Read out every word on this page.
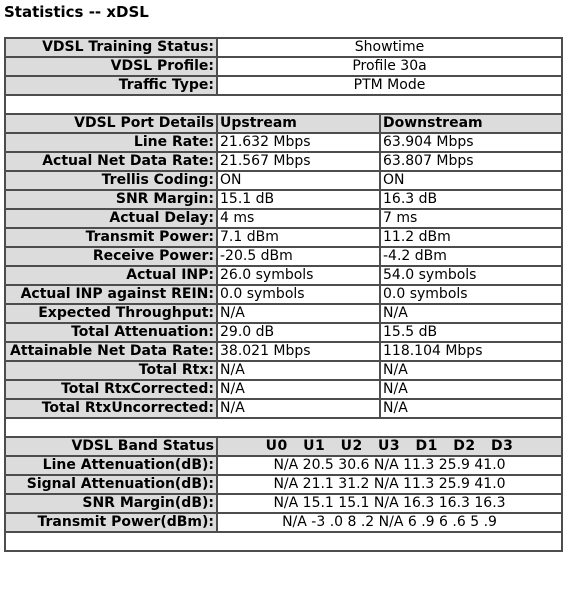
Statistics -- xDSL
VDSL Training Status:	Showtime	
VDSL Profile:	Profile 30a	
Traffic Type:	PTM Mode	

VDSL Port Details	Upstream	Downstream
Line Rate:	21.632 Mbps	63.904 Mbps
Actual Net Data Rate:	21.567 Mbps	63.807 Mbps
Trellis Coding:	ON	ON
SNR Margin:	15.1 dB	16.3 dB
Actual Delay:	4 ms	7 ms
Transmit Power:	7.1 dBm	11.2 dBm
Receive Power:	-20.5 dBm	-4.2 dBm
Actual INP:	26.0 symbols	54.0 symbols
Actual INP against REIN:	0.0 symbols	0.0 symbols
Expected Throughput:	N/A	N/A
Total Attenuation:	29.0 dB	15.5 dB
Attainable Net Data Rate:	38.021 Mbps	118.104 Mbps
Total Rtx:	N/A	N/A
Total RtxCorrected:	N/A	N/A
Total RtxUncorrected:	N/A	N/A

VDSL Band Status	U0 U1 U2 U3 D1 D2 D3	
Line Attenuation(dB):	N/A 20.5 30.6 N/A 11.3 25.9 41.0	
Signal Attenuation(dB):	N/A 21.1 31.2 N/A 11.3 25.9 41.0	
SNR Margin(dB):	N/A 15.1 15.1 N/A 16.3 16.3 16.3	
Transmit Power(dBm):	N/A -3 .0 8 .2 N/A 6 .9 6 .6 5 .9	
